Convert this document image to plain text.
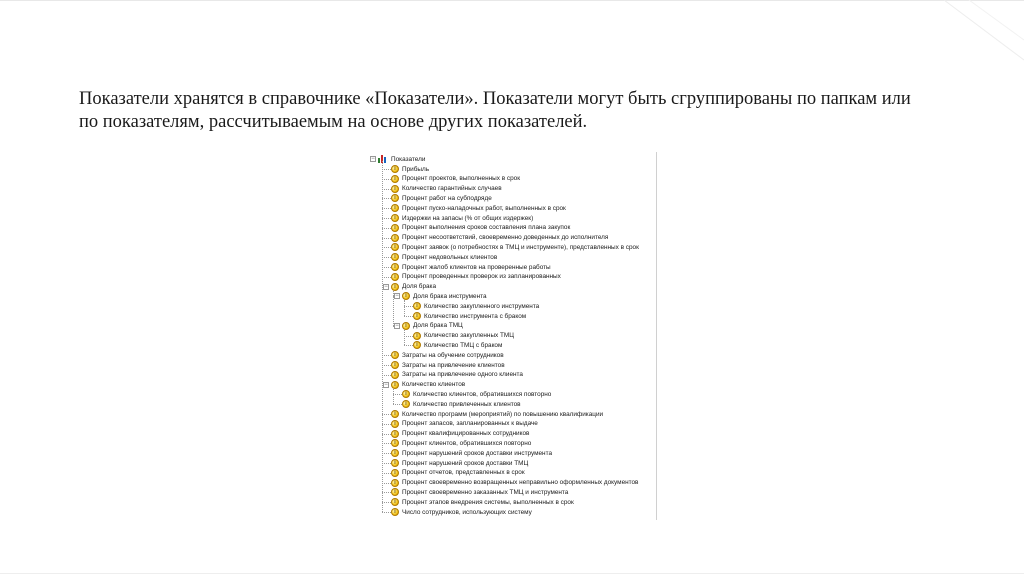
Показатели хранятся в справочнике «Показатели». Показатели могут быть сгруппированы по папкам или
по показателям, рассчитываемым на основе других показателей.
−	Показатели
i Прибыль
i Процент проектов, выполненных в срок
i Количество гарантийных случаев
i Процент работ на субподряде
i Процент пуско-наладочных работ, выполненных в срок
i Издержки на запасы (% от общих издержек)
i Процент выполнения сроков составления плана закупок
i Процент несоответствий, своевременно доведенных до исполнителя
i Процент заявок (о потребностях в ТМЦ и инструменте), представленных в срок
i Процент недовольных клиентов
i Процент жалоб клиентов на проверенные работы
i Процент проведенных проверок из запланированных
−	i Доля брака
−	i Доля брака инструмента
i Количество закупленного инструмента
i Количество инструмента с браком
−	i Доля брака ТМЦ
i Количество закупленных ТМЦ
i Количество ТМЦ с браком
i Затраты на обучение сотрудников
i Затраты на привлечение клиентов
i Затраты на привлечение одного клиента
−	i Количество клиентов
i Количество клиентов, обратившихся повторно
i Количество привлеченных клиентов
i Количество программ (мероприятий) по повышению квалификации
i Процент запасов, запланированных к выдаче
i Процент квалифицированных сотрудников
i Процент клиентов, обратившихся повторно
i Процент нарушений сроков доставки инструмента
i Процент нарушений сроков доставки ТМЦ
i Процент отчетов, представленных в срок
i Процент своевременно возвращенных неправильно оформленных документов
i Процент своевременно заказанных ТМЦ и инструмента
i Процент этапов внедрения системы, выполненных в срок
i Число сотрудников, использующих систему
